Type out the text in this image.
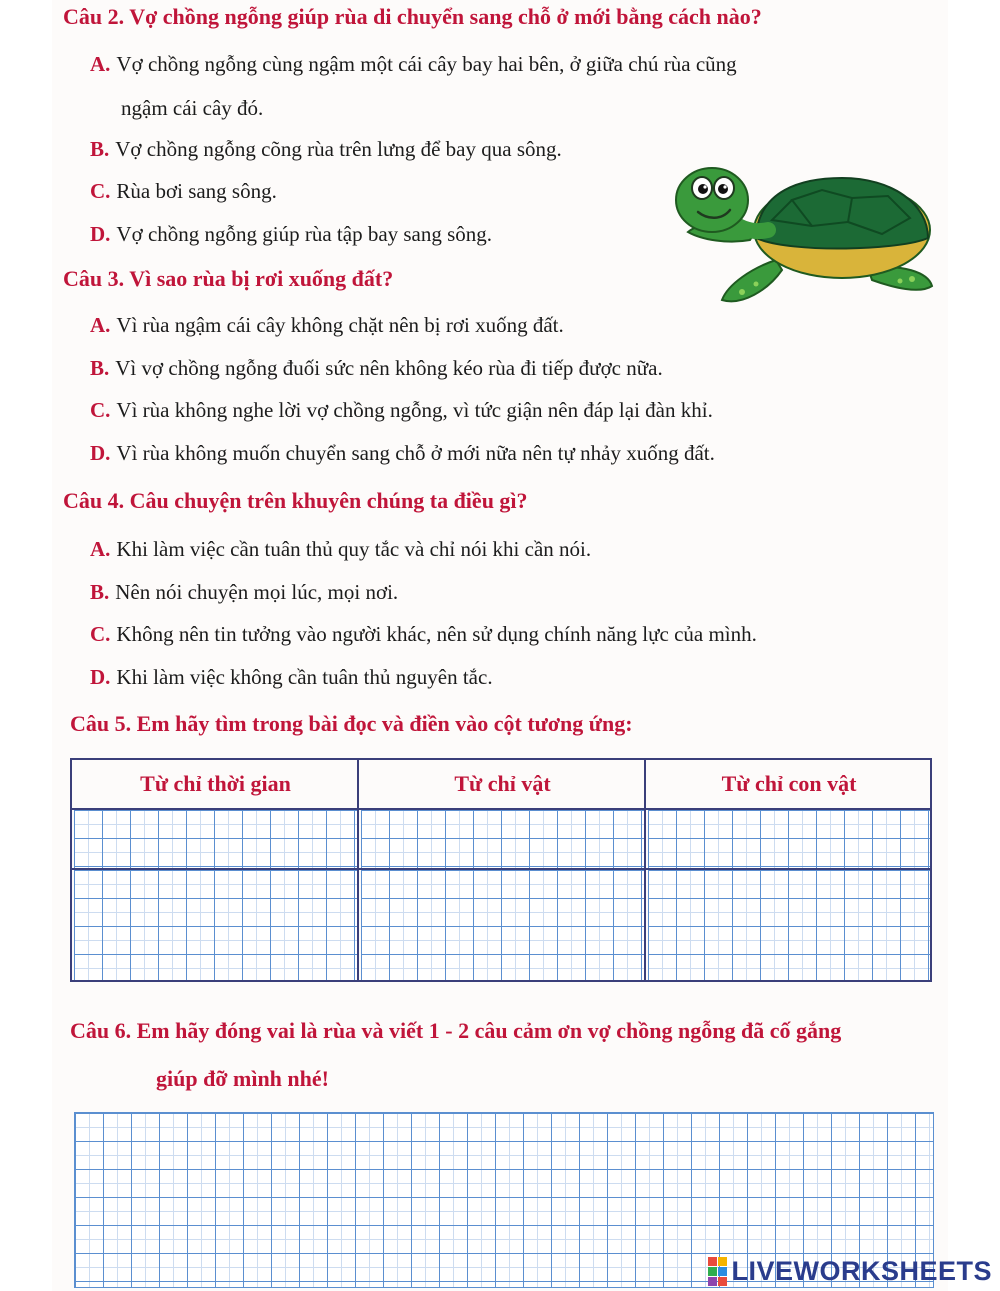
Câu 2. Vợ chồng ngỗng giúp rùa di chuyển sang chỗ ở mới bằng cách nào?
A. Vợ chồng ngỗng cùng ngậm một cái cây bay hai bên, ở giữa chú rùa cũng
ngậm cái cây đó.
B. Vợ chồng ngỗng cõng rùa trên lưng để bay qua sông.
C. Rùa bơi sang sông.
D. Vợ chồng ngỗng giúp rùa tập bay sang sông.
Câu 3. Vì sao rùa bị rơi xuống đất?
A. Vì rùa ngậm cái cây không chặt nên bị rơi xuống đất.
B. Vì vợ chồng ngỗng đuối sức nên không kéo rùa đi tiếp được nữa.
C. Vì rùa không nghe lời vợ chồng ngỗng, vì tức giận nên đáp lại đàn khỉ.
D. Vì rùa không muốn chuyển sang chỗ ở mới nữa nên tự nhảy xuống đất.
Câu 4. Câu chuyện trên khuyên chúng ta điều gì?
A. Khi làm việc cần tuân thủ quy tắc và chỉ nói khi cần nói.
B. Nên nói chuyện mọi lúc, mọi nơi.
C. Không nên tin tưởng vào người khác, nên sử dụng chính năng lực của mình.
D. Khi làm việc không cần tuân thủ nguyên tắc.
Câu 5. Em hãy tìm trong bài đọc và điền vào cột tương ứng:
Từ chỉ thời gian	Từ chỉ vật	Từ chỉ con vật
Câu 6. Em hãy đóng vai là rùa và viết 1 - 2 câu cảm ơn vợ chồng ngỗng đã cố gắng
giúp đỡ mình nhé!
LIVEWORKSHEETS
